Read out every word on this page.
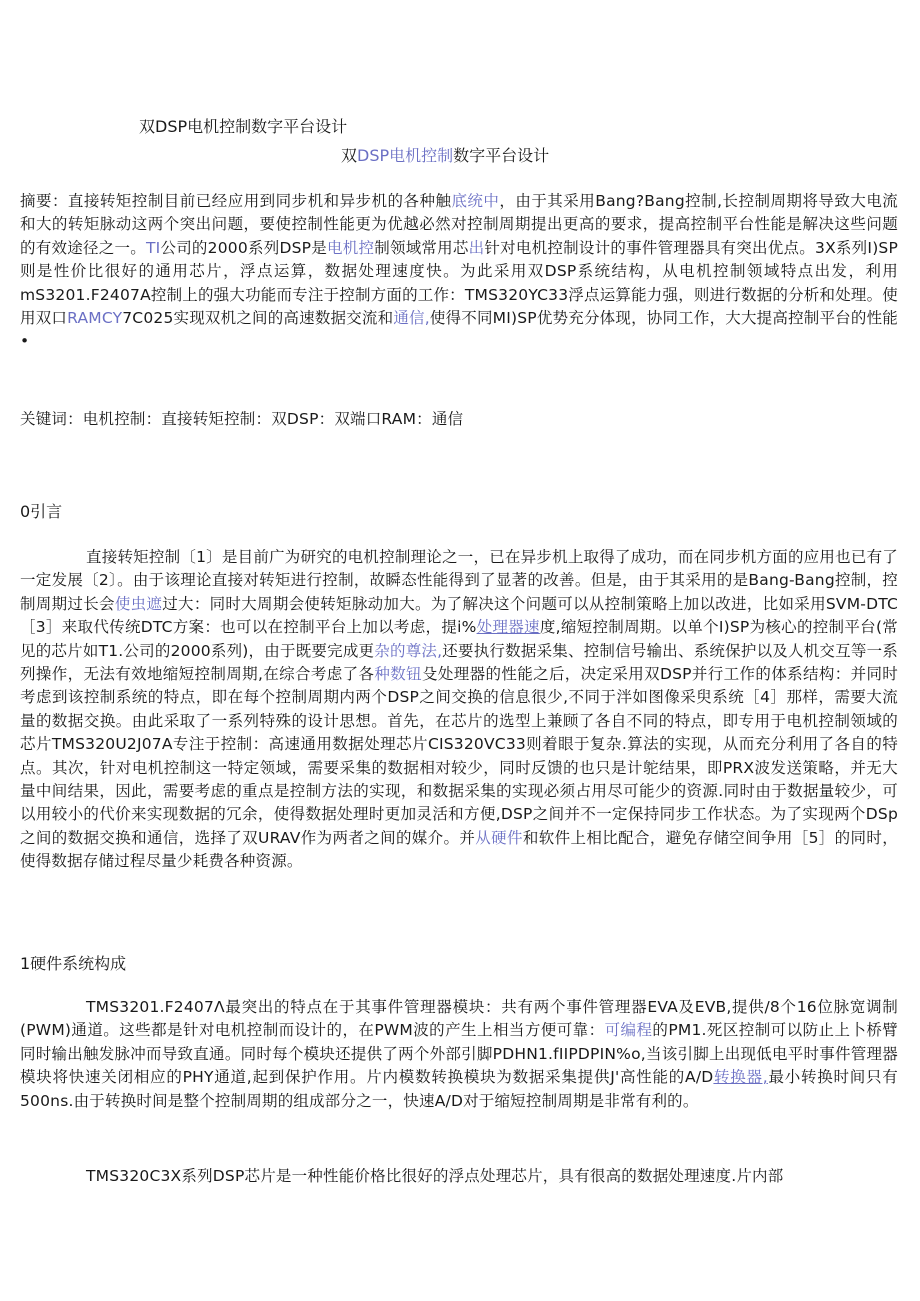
双DSP电机控制数字平台设计
双DSP电机控制数字平台设计
摘要：直接转矩控制目前已经应用到同步机和异步机的各种触底统中，由于其采用Bang?Bang控制,长控制周期将导致大电流和大的转矩脉动这两个突出问题，要使控制性能更为优越必然对控制周期提出更高的要求，提高控制平台性能是解决这些问题的有效途径之一。TI公司的2000系列DSP是电机控制领域常用芯出针对电机控制设计的事件管理器具有突出优点。3X系列I)SP则是性价比很好的通用芯片，浮点运算，数据处理速度快。为此采用双DSP系统结构，从电机控制领域特点出发，利用mS3201.F2407A控制上的强大功能而专注于控制方面的工作：TMS320YC33浮点运算能力强，则进行数据的分析和处理。使用双口RAMCY7C025实现双机之间的高速数据交流和通信,使得不同MI)SP优势充分体现，协同工作，大大提高控制平台的性能•
关键词：电机控制：直接转矩控制：双DSP：双端口RAM：通信
0引言
直接转矩控制〔1〕是目前广为研究的电机控制理论之一，已在异步机上取得了成功，而在同步机方面的应用也已有了一定发展〔2〕。由于该理论直接对转矩进行控制，故瞬态性能得到了显著的改善。但是，由于其采用的是Bang-Bang控制，控制周期过长会使虫遮过大：同时大周期会使转矩脉动加大。为了解决这个问题可以从控制策略上加以改进，比如采用SVM-DTC［3］来取代传统DTC方案：也可以在控制平台上加以考虑，提i%处理器速度,缩短控制周期。以单个I)SP为核心的控制平台(常见的芯片如T1.公司的2000系列)，由于既要完成更杂的尊法,还要执行数据采集、控制信号输出、系统保护以及人机交互等一系列操作，无法有效地缩短控制周期,在综合考虑了各种数钮殳处理器的性能之后，决定采用双DSP并行工作的体系结构：并同时考虑到该控制系统的特点，即在每个控制周期内两个DSP之间交换的信息很少,不同于泮如图像采臾系统［4］那样，需要大流量的数据交换。由此采取了一系列特殊的设计思想。首先，在芯片的选型上兼顾了各自不同的特点，即专用于电机控制领域的芯片TMS320U2J07A专注于控制：高速通用数据处理芯片CIS320VC33则着眼于复杂.算法的实现，从而充分利用了各自的特点。其次，针对电机控制这一特定领域，需要采集的数据相对较少，同时反馈的也只是计鸵结果，即PRX波发送策略，并无大量中间结果，因此，需要考虑的重点是控制方法的实现，和数据采集的实现必须占用尽可能少的资源.同时由于数据量较少，可以用较小的代价来实现数据的冗余，使得数据处理时更加灵活和方便,DSP之间并不一定保持同步工作状态。为了实现两个DSp之间的数据交换和通信，选择了双URAV作为两者之间的媒介。并从硬件和软件上相比配合，避免存储空间争用［5］的同时，使得数据存储过程尽量少耗费各种资源。
1硬件系统构成
TMS3201.F2407Λ最突出的特点在于其事件管理器模块：共有两个事件管理器EVA及EVB,提供/8个16位脉宽调制(PWM)通道。这些都是针对电机控制而设计的，在PWM波的产生上相当方便可靠：可编程的PM1.死区控制可以防止上卜桥臂同时输出触发脉冲而导致直通。同时每个模块还提供了两个外部引脚PDHN1.fIIPDPIN%o,当该引脚上出现低电平时事件管理器模块将快速关闭相应的PHY通道,起到保护作用。片内模数转换模块为数据采集提供J'高性能的A/D转换器,最小转换时间只有500ns.由于转换时间是整个控制周期的组成部分之一，快速A/D对于缩短控制周期是非常有利的。
TMS320C3X系列DSP芯片是一种性能价格比很好的浮点处理芯片，具有很高的数据处理速度.片内部
